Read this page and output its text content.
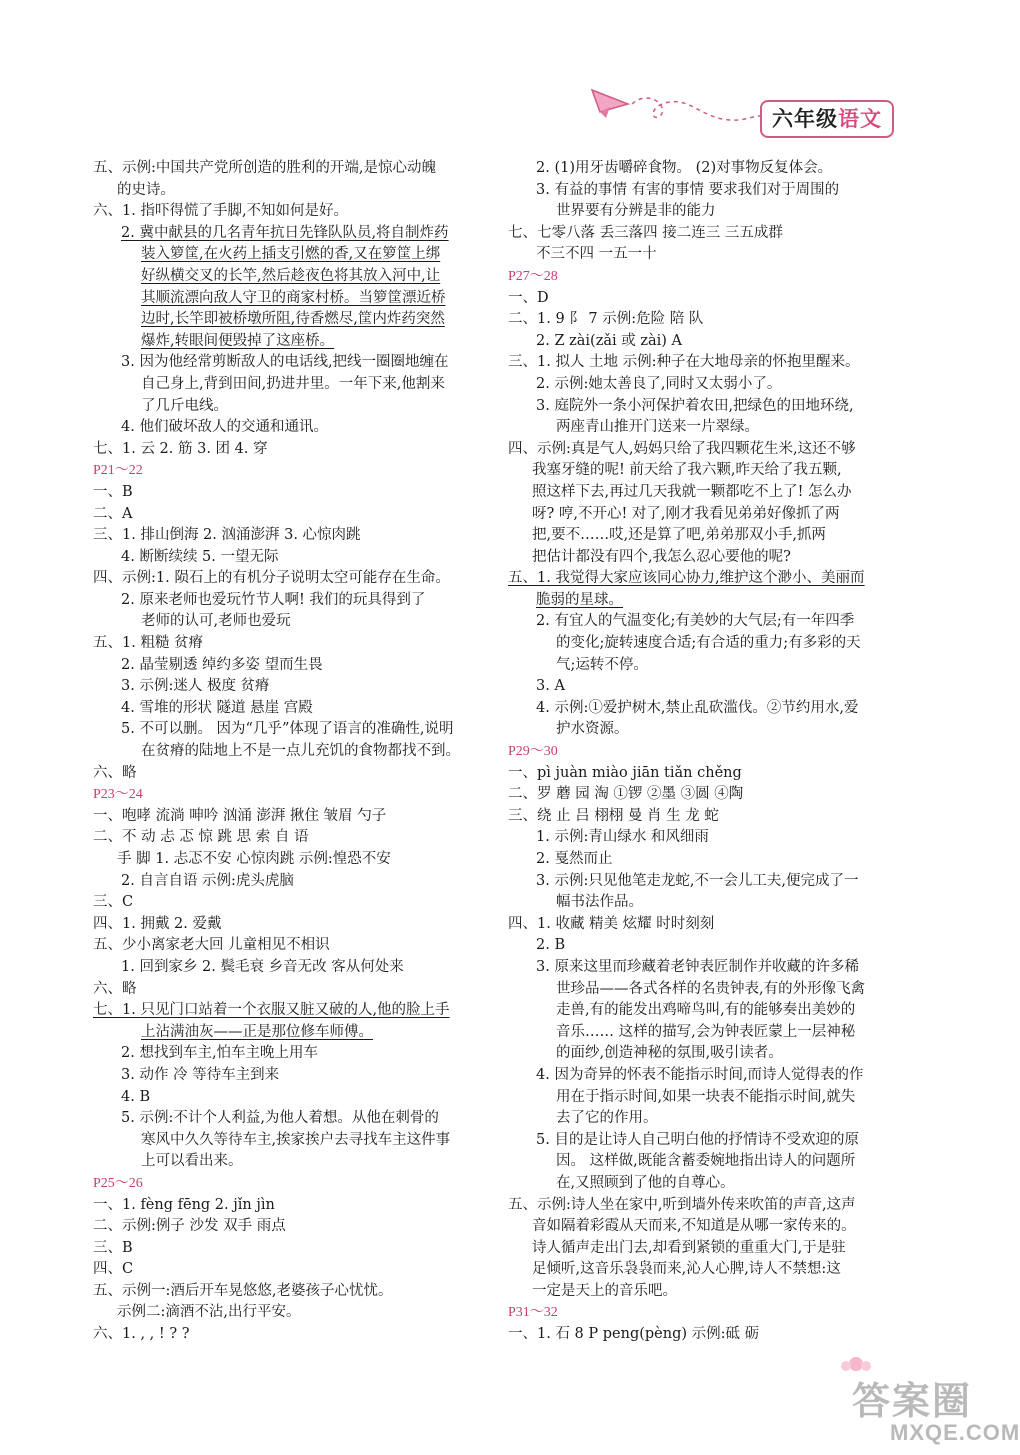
六年级语文
五、示例:中国共产党所创造的胜利的开端,是惊心动魄
的史诗。
六、1. 指吓得慌了手脚,不知如何是好。
2. 冀中献县的几名青年抗日先锋队队员,将自制炸药
装入箩筐,在火药上插支引燃的香,又在箩筐上绑
好纵横交叉的长竿,然后趁夜色将其放入河中,让
其顺流漂向敌人守卫的商家村桥。当箩筐漂近桥
边时,长竿即被桥墩所阻,待香燃尽,筐内炸药突然
爆炸,转眼间便毁掉了这座桥。
3. 因为他经常剪断敌人的电话线,把线一圈圈地缠在
自己身上,背到田间,扔进井里。一年下来,他割来
了几斤电线。
4. 他们破坏敌人的交通和通讯。
七、1. 云 2. 筋 3. 团 4. 穿
P21～22
一、B
二、A
三、1. 排山倒海 2. 汹涌澎湃 3. 心惊肉跳
4. 断断续续 5. 一望无际
四、示例:1. 陨石上的有机分子说明太空可能存在生命。
2. 原来老师也爱玩竹节人啊! 我们的玩具得到了
老师的认可,老师也爱玩
五、1. 粗糙 贫瘠
2. 晶莹剔透 绰约多姿 望而生畏
3. 示例:迷人 极度 贫瘠
4. 雪堆的形状 隧道 悬崖 宫殿
5. 不可以删。 因为“几乎”体现了语言的准确性,说明
在贫瘠的陆地上不是一点儿充饥的食物都找不到。
六、略
P23～24
一、咆哮 流淌 呻吟 汹涌 澎湃 揪住 皱眉 勺子
二、不 动 忐 忑 惊 跳 思 索 自 语
手 脚 1. 忐忑不安 心惊肉跳 示例:惶恐不安
2. 自言自语 示例:虎头虎脑
三、C
四、1. 拥戴 2. 爱戴
五、少小离家老大回 儿童相见不相识
1. 回到家乡 2. 鬓毛衰 乡音无改 客从何处来
六、略
七、1. 只见门口站着一个衣服又脏又破的人,他的脸上手
上沾满油灰——正是那位修车师傅。
2. 想找到车主,怕车主晚上用车
3. 动作 冷 等待车主到来
4. B
5. 示例:不计个人利益,为他人着想。从他在刺骨的
寒风中久久等待车主,挨家挨户去寻找车主这件事
上可以看出来。
P25～26
一、1. fèng fēng 2. jǐn jìn
二、示例:例子 沙发 双手 雨点
三、B
四、C
五、示例一:酒后开车晃悠悠,老婆孩子心忧忧。
示例二:滴酒不沾,出行平安。
六、1. , , ! ? ?
2. (1)用牙齿嚼碎食物。 (2)对事物反复体会。
3. 有益的事情 有害的事情 要求我们对于周围的
世界要有分辨是非的能力
七、七零八落 丢三落四 接二连三 三五成群
不三不四 一五一十
P27～28
一、D
二、1. 9 阝 7 示例:危险 陪 队
2. Z zài(zǎi 或 zài) A
三、1. 拟人 土地 示例:种子在大地母亲的怀抱里醒来。
2. 示例:她太善良了,同时又太弱小了。
3. 庭院外一条小河保护着农田,把绿色的田地环绕,
两座青山推开门送来一片翠绿。
四、示例:真是气人,妈妈只给了我四颗花生米,这还不够
我塞牙缝的呢! 前天给了我六颗,昨天给了我五颗,
照这样下去,再过几天我就一颗都吃不上了! 怎么办
呀? 哼,不开心! 对了,刚才我看见弟弟好像抓了两
把,要不……哎,还是算了吧,弟弟那双小手,抓两
把估计都没有四个,我怎么忍心要他的呢?
五、1. 我觉得大家应该同心协力,维护这个渺小、美丽而
脆弱的星球。
2. 有宜人的气温变化;有美妙的大气层;有一年四季
的变化;旋转速度合适;有合适的重力;有多彩的天
气;运转不停。
3. A
4. 示例:①爱护树木,禁止乱砍滥伐。②节约用水,爱
护水资源。
P29～30
一、pì juàn miào jiān tiǎn chěng
二、罗 蘑 园 淘 ①锣 ②墨 ③圆 ④陶
三、绕 止 吕 栩栩 曼 肖 生 龙 蛇
1. 示例:青山绿水 和风细雨
2. 戛然而止
3. 示例:只见他笔走龙蛇,不一会儿工夫,便完成了一
幅书法作品。
四、1. 收藏 精美 炫耀 时时刻刻
2. B
3. 原来这里而珍藏着老钟表匠制作并收藏的许多稀
世珍品——各式各样的名贵钟表,有的外形像飞禽
走兽,有的能发出鸡啼鸟叫,有的能够奏出美妙的
音乐…… 这样的描写,会为钟表匠蒙上一层神秘
的面纱,创造神秘的氛围,吸引读者。
4. 因为奇异的怀表不能指示时间,而诗人觉得表的作
用在于指示时间,如果一块表不能指示时间,就失
去了它的作用。
5. 目的是让诗人自己明白他的抒情诗不受欢迎的原
因。 这样做,既能含蓄委婉地指出诗人的问题所
在,又照顾到了他的自尊心。
五、示例:诗人坐在家中,听到墙外传来吹笛的声音,这声
音如隔着彩霞从天而来,不知道是从哪一家传来的。
诗人循声走出门去,却看到紧锁的重重大门,于是驻
足倾听,这音乐袅袅而来,沁人心脾,诗人不禁想:这
一定是天上的音乐吧。
P31～32
一、1. 石 8 P peng(pèng) 示例:砥 砺
答案圈
MXQE.COM
